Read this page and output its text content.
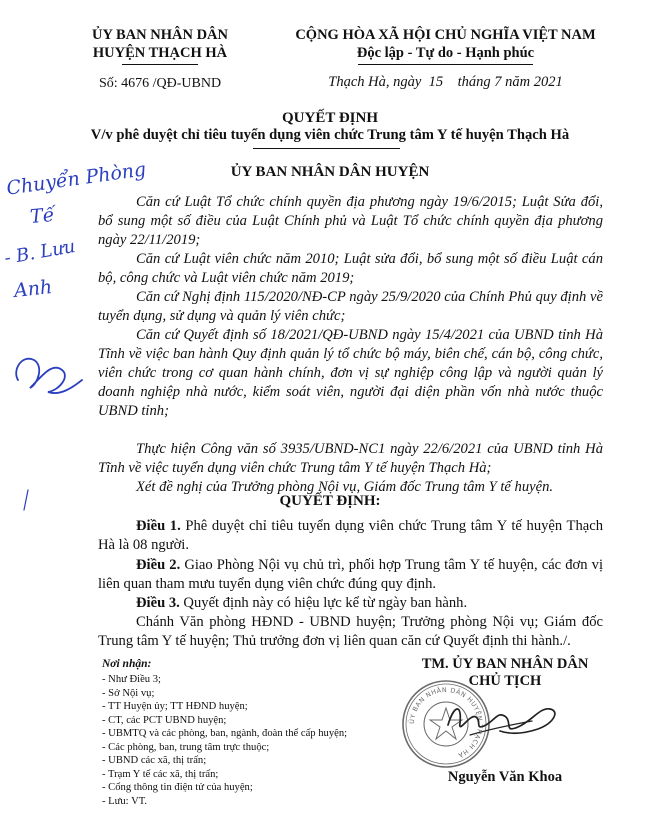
ỦY BAN NHÂN DÂN
HUYỆN THẠCH HÀ
Số: 4676 /QĐ-UBND
CỘNG HÒA XÃ HỘI CHỦ NGHĨA VIỆT NAM
Độc lập - Tự do - Hạnh phúc
Thạch Hà, ngày  15    tháng 7 năm 2021
QUYẾT ĐỊNH
V/v phê duyệt chỉ tiêu tuyển dụng viên chức Trung tâm Y tế huyện Thạch Hà
ỦY BAN NHÂN DÂN HUYỆN

Căn cứ Luật Tổ chức chính quyền địa phương ngày 19/6/2015; Luật Sửa đổi, bổ sung một số điều của Luật Chính phủ và Luật Tổ chức chính quyền địa phương ngày 22/11/2019;

Căn cứ Luật viên chức năm 2010; Luật sửa đổi, bổ sung một số điều Luật cán bộ, công chức và Luật viên chức năm 2019;

Căn cứ Nghị định 115/2020/NĐ-CP ngày 25/9/2020 của Chính Phủ quy định về tuyển dụng, sử dụng và quản lý viên chức;

Căn cứ Quyết định số 18/2021/QĐ-UBND ngày 15/4/2021 của UBND tỉnh Hà Tĩnh về việc ban hành Quy định quản lý tổ chức bộ máy, biên chế, cán bộ, công chức, viên chức trong cơ quan hành chính, đơn vị sự nghiệp công lập và người quản lý doanh nghiệp nhà nước, kiểm soát viên, người đại diện phần vốn nhà nước thuộc UBND tỉnh;

Thực hiện Công văn số 3935/UBND-NC1 ngày 22/6/2021 của UBND tỉnh Hà Tĩnh về việc tuyển dụng viên chức Trung tâm Y tế huyện Thạch Hà;

Xét đề nghị của Trưởng phòng Nội vụ, Giám đốc Trung tâm Y tế huyện.

QUYẾT ĐỊNH:

Điều 1. Phê duyệt chỉ tiêu tuyển dụng viên chức Trung tâm Y tế huyện Thạch Hà là 08 người.

Điều 2. Giao Phòng Nội vụ chủ trì, phối hợp Trung tâm Y tế huyện, các đơn vị liên quan tham mưu tuyển dụng viên chức đúng quy định.

Điều 3. Quyết định này có hiệu lực kể từ ngày ban hành.

Chánh Văn phòng HĐND - UBND huyện; Trưởng phòng Nội vụ; Giám đốc Trung tâm Y tế huyện; Thủ trưởng đơn vị liên quan căn cứ Quyết định thi hành./.

Nơi nhận:
- Như Điều 3;
- Sở Nội vụ;
- TT Huyện ủy; TT HĐND huyện;
- CT, các PCT UBND huyện;
- UBMTQ và các phòng, ban, ngành, đoàn thể cấp huyện;
- Các phòng, ban, trung tâm trực thuộc;
- UBND các xã, thị trấn;
- Trạm Y tế các xã, thị trấn;
- Cổng thông tin điện tử của huyện;
- Lưu: VT.
TM. ỦY BAN NHÂN DÂN
CHỦ TỊCH
ỦY BAN NHÂN DÂN HUYỆN THẠCH HÀ
Nguyễn Văn Khoa
Chuyển Phòng
Tế
- B. Lưu
Anh
